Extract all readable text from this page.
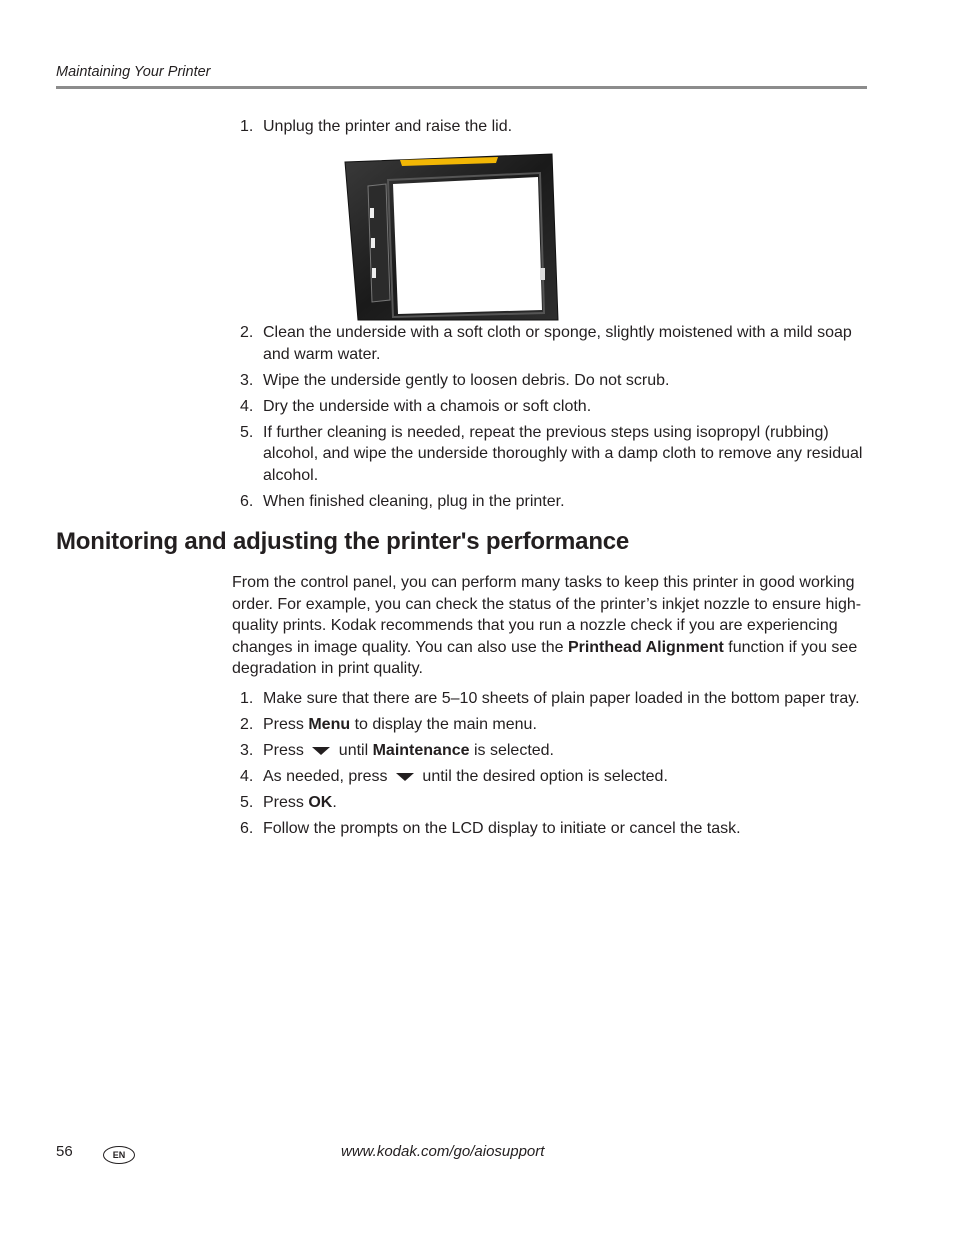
Maintaining Your Printer
1. Unplug the printer and raise the lid.
2. Clean the underside with a soft cloth or sponge, slightly moistened with a mild soap and warm water.
3. Wipe the underside gently to loosen debris. Do not scrub.
4. Dry the underside with a chamois or soft cloth.
5. If further cleaning is needed, repeat the previous steps using isopropyl (rubbing) alcohol, and wipe the underside thoroughly with a damp cloth to remove any residual alcohol.
6. When finished cleaning, plug in the printer.
Monitoring and adjusting the printer's performance

From the control panel, you can perform many tasks to keep this printer in good working order. For example, you can check the status of the printer’s inkjet nozzle to ensure high-quality prints. Kodak recommends that you run a nozzle check if you are experiencing changes in image quality. You can also use the Printhead Alignment function if you see degradation in print quality.

1. Make sure that there are 5–10 sheets of plain paper loaded in the bottom paper tray.
2. Press Menu to display the main menu.
3. Press  until Maintenance is selected.
4. As needed, press  until the desired option is selected.
5. Press OK.
6. Follow the prompts on the LCD display to initiate or cancel the task.
56	EN	www.kodak.com/go/aiosupport
